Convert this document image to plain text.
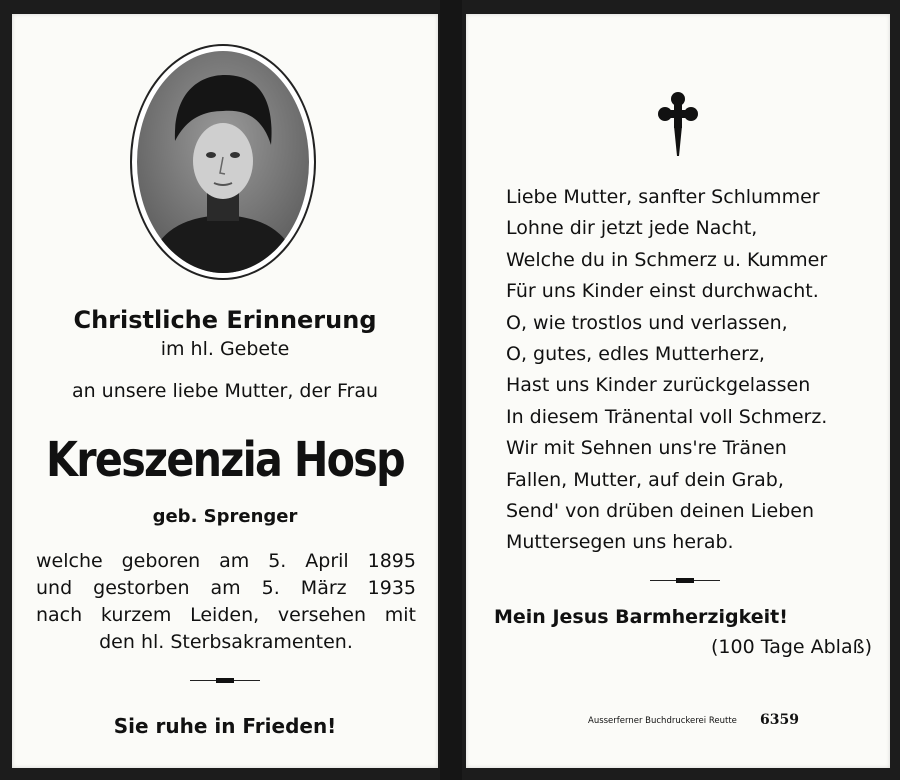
Christliche Erinnerung
im hl. Gebete
an unsere liebe Mutter, der Frau
Kreszenzia Hosp
geb. Sprenger
welche geboren am 5. April 1895
und gestorben am 5. März 1935
nach kurzem Leiden, versehen mit
den hl. Sterbsakramenten.
Sie ruhe in Frieden!
Liebe Mutter, sanfter Schlummer
Lohne dir jetzt jede Nacht,
Welche du in Schmerz u. Kummer
Für uns Kinder einst durchwacht.
O, wie trostlos und verlassen,
O, gutes, edles Mutterherz,
Hast uns Kinder zurückgelassen
In diesem Tränental voll Schmerz.
Wir mit Sehnen uns're Tränen
Fallen, Mutter, auf dein Grab,
Send' von drüben deinen Lieben
Muttersegen uns herab.
Mein Jesus Barmherzigkeit!
(100 Tage Ablaß)
Ausserferner Buchdruckerei Reutte 6359
